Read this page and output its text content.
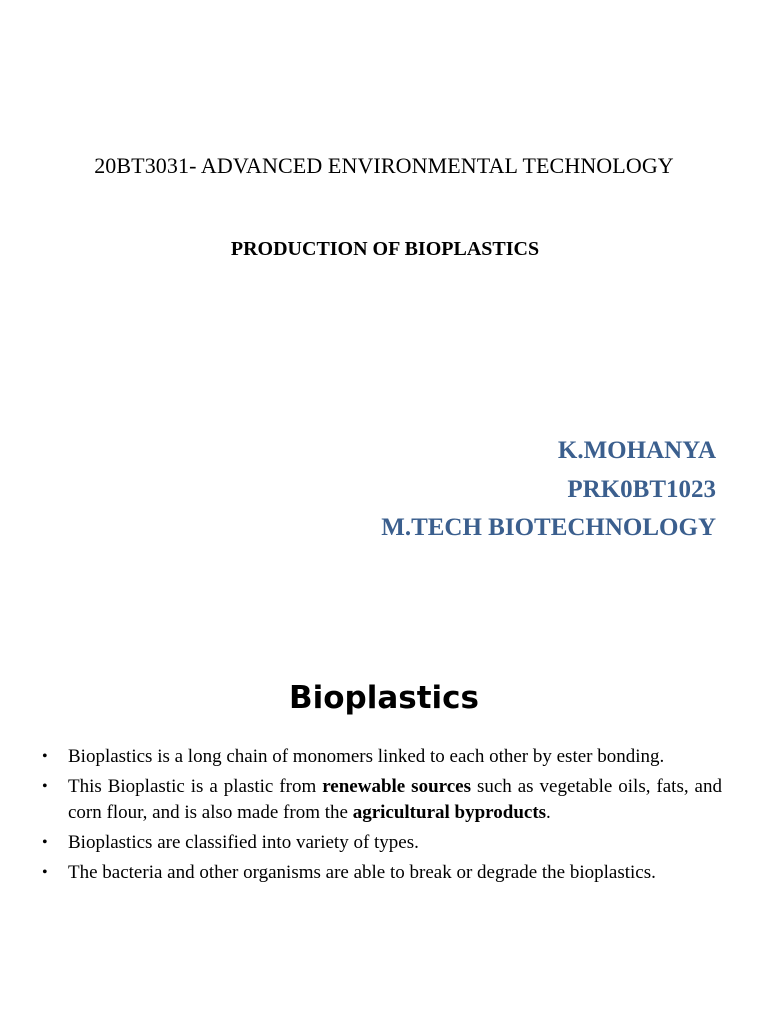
20BT3031- ADVANCED ENVIRONMENTAL TECHNOLOGY
PRODUCTION OF BIOPLASTICS
K.MOHANYA
PRK0BT1023
M.TECH BIOTECHNOLOGY
Bioplastics
• Bioplastics is a long chain of monomers linked to each other by ester bonding.
• This Bioplastic is a plastic from renewable sources such as vegetable oils, fats, and corn flour, and is also made from the agricultural byproducts.
• Bioplastics are classified into variety of types.
• The bacteria and other organisms are able to break or degrade the bioplastics.
